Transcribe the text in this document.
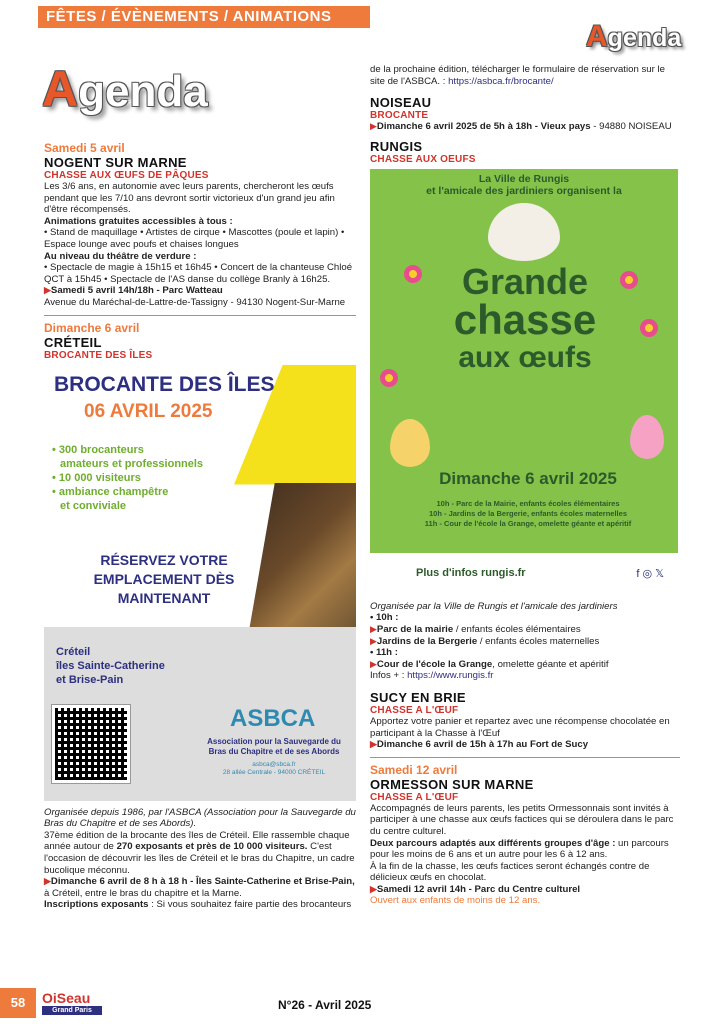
FÊTES / ÉVÈNEMENTS / ANIMATIONS
Agenda
Agenda
Samedi 5 avril
NOGENT SUR MARNE
CHASSE AUX ŒUFS DE PÂQUES
Les 3/6 ans, en autonomie avec leurs parents, chercheront les œufs pendant que les 7/10 ans devront sortir victorieux d'un grand jeu afin d'être récompensés.
Animations gratuites accessibles à tous :
• Stand de maquillage • Artistes de cirque • Mascottes (poule et lapin) • Espace lounge avec poufs et chaises longues
Au niveau du théâtre de verdure :
• Spectacle de magie à 15h15 et 16h45 • Concert de la chanteuse Chloé QCT à 15h45 • Spectacle de l'AS danse du collège Branly à 16h25.
▶Samedi 5 avril 14h/18h - Parc Watteau
Avenue du Maréchal-de-Lattre-de-Tassigny - 94130 Nogent-Sur-Marne
Dimanche 6 avril
CRÉTEIL
BROCANTE DES ÎLES
BROCANTE DES ÎLES
06 AVRIL 2025
• 300 brocanteurs
amateurs et professionnels
• 10 000 visiteurs
• ambiance champêtre
et conviviale
RÉSERVEZ VOTRE
EMPLACEMENT DÈS
MAINTENANT
Créteil
îles Sainte-Catherine
et Brise-Pain
ASBCA
Association pour la Sauvegarde du
Bras du Chapitre et de ses Abords
asbca@sbca.fr
28 allée Centrale - 94000 CRÉTEIL
Organisée depuis 1986, par l'ASBCA (Association pour la Sauvegarde du Bras du Chapitre et de ses Abords).
37ème édition de la brocante des îles de Créteil. Elle rassemble chaque année autour de 270 exposants et près de 10 000 visiteurs. C'est l'occasion de découvrir les îles de Créteil et le bras du Chapitre, un cadre bucolique méconnu.
▶Dimanche 6 avril de 8 h à 18 h - Îles Sainte-Catherine et Brise-Pain,
à Créteil, entre le bras du chapitre et la Marne.
Inscriptions exposants : Si vous souhaitez faire partie des brocanteurs
de la prochaine édition, télécharger le formulaire de réservation sur le site de l'ASBCA. : https://asbca.fr/brocante/
NOISEAU
BROCANTE
▶Dimanche 6 avril 2025 de 5h à 18h - Vieux pays - 94880 NOISEAU
RUNGIS
CHASSE AUX OEUFS
La Ville de Rungis
et l'amicale des jardiniers organisent la
Grande
chasse
aux œufs
Dimanche 6 avril 2025
10h - Parc de la Mairie, enfants écoles élémentaires
10h - Jardins de la Bergerie, enfants écoles maternelles
11h - Cour de l'école la Grange, omelette géante et apéritif
Plus d'infos rungis.fr	f ◎ 𝕏
Organisée par la Ville de Rungis et l'amicale des jardiniers
• 10h :
▶Parc de la mairie / enfants écoles élémentaires
▶Jardins de la Bergerie / enfants écoles maternelles
• 11h :
▶Cour de l'école la Grange, omelette géante et apéritif
Infos + : https://www.rungis.fr
SUCY EN BRIE
CHASSE A L'ŒUF
Apportez votre panier et repartez avec une récompense chocolatée en participant à la Chasse à l'Œuf
▶Dimanche 6 avril de 15h à 17h au Fort de Sucy
Samedi 12 avril
ORMESSON SUR MARNE
CHASSE A L'ŒUF
Accompagnés de leurs parents, les petits Ormessonnais sont invités à participer à une chasse aux œufs factices qui se déroulera dans le parc du centre culturel.
Deux parcours adaptés aux différents groupes d'âge : un parcours pour les moins de 6 ans et un autre pour les 6 à 12 ans.
À la fin de la chasse, les œufs factices seront échangés contre de délicieux œufs en chocolat.
▶Samedi 12 avril 14h - Parc du Centre culturel
Ouvert aux enfants de moins de 12 ans.
58	OiSeau
Grand Paris	N°26 - Avril 2025
